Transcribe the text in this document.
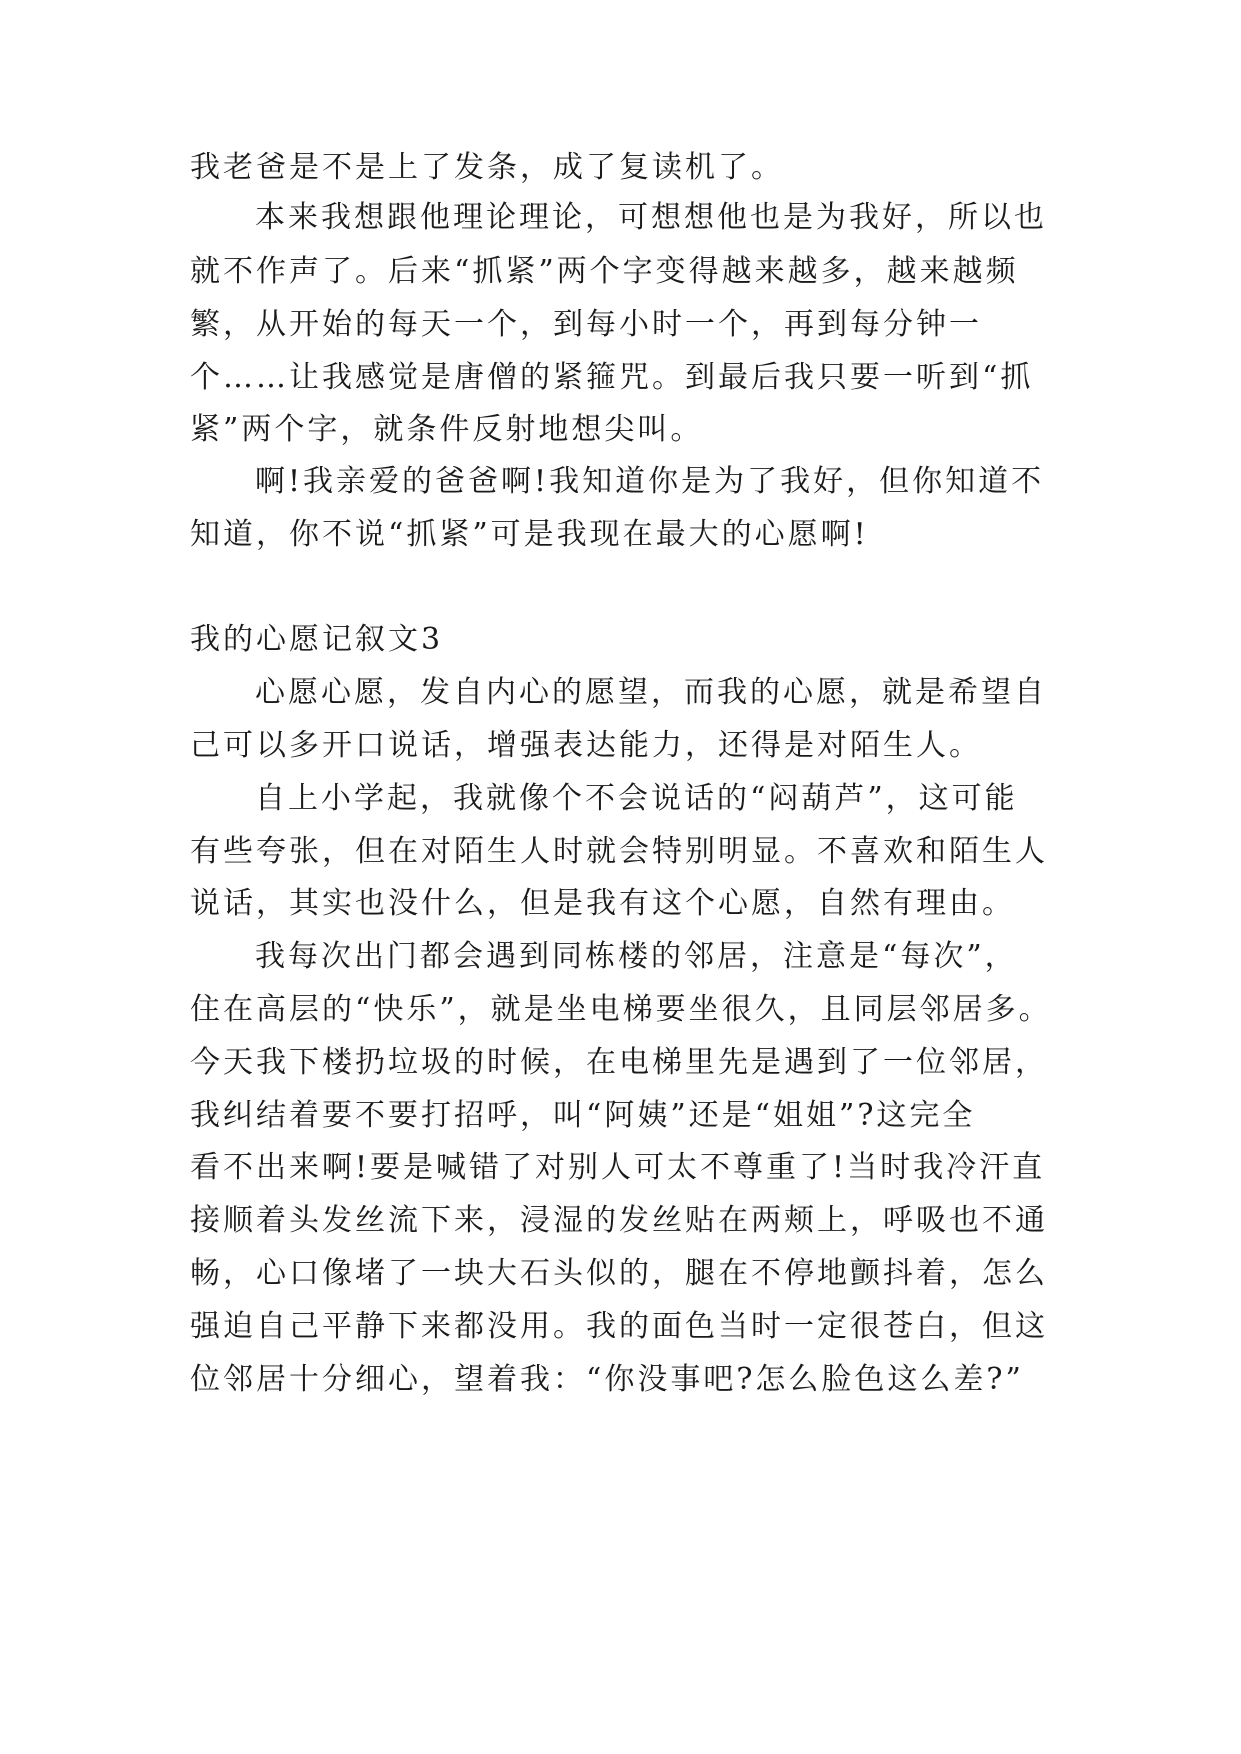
我老爸是不是上了发条，成了复读机了。
本来我想跟他理论理论，可想想他也是为我好，所以也
就不作声了。后来“抓紧”两个字变得越来越多，越来越频
繁，从开始的每天一个，到每小时一个，再到每分钟一
个……让我感觉是唐僧的紧箍咒。到最后我只要一听到“抓
紧”两个字，就条件反射地想尖叫。
啊!我亲爱的爸爸啊!我知道你是为了我好，但你知道不
知道，你不说“抓紧”可是我现在最大的心愿啊!
我的心愿记叙文3
心愿心愿，发自内心的愿望，而我的心愿，就是希望自
己可以多开口说话，增强表达能力，还得是对陌生人。
自上小学起，我就像个不会说话的“闷葫芦”，这可能
有些夸张，但在对陌生人时就会特别明显。不喜欢和陌生人
说话，其实也没什么，但是我有这个心愿，自然有理由。
我每次出门都会遇到同栋楼的邻居，注意是“每次”，
住在高层的“快乐”，就是坐电梯要坐很久，且同层邻居多。
今天我下楼扔垃圾的时候，在电梯里先是遇到了一位邻居，
我纠结着要不要打招呼，叫“阿姨”还是“姐姐”?这完全
看不出来啊!要是喊错了对别人可太不尊重了!当时我冷汗直
接顺着头发丝流下来，浸湿的发丝贴在两颊上，呼吸也不通
畅，心口像堵了一块大石头似的，腿在不停地颤抖着，怎么
强迫自己平静下来都没用。我的面色当时一定很苍白，但这
位邻居十分细心，望着我：“你没事吧?怎么脸色这么差?”
